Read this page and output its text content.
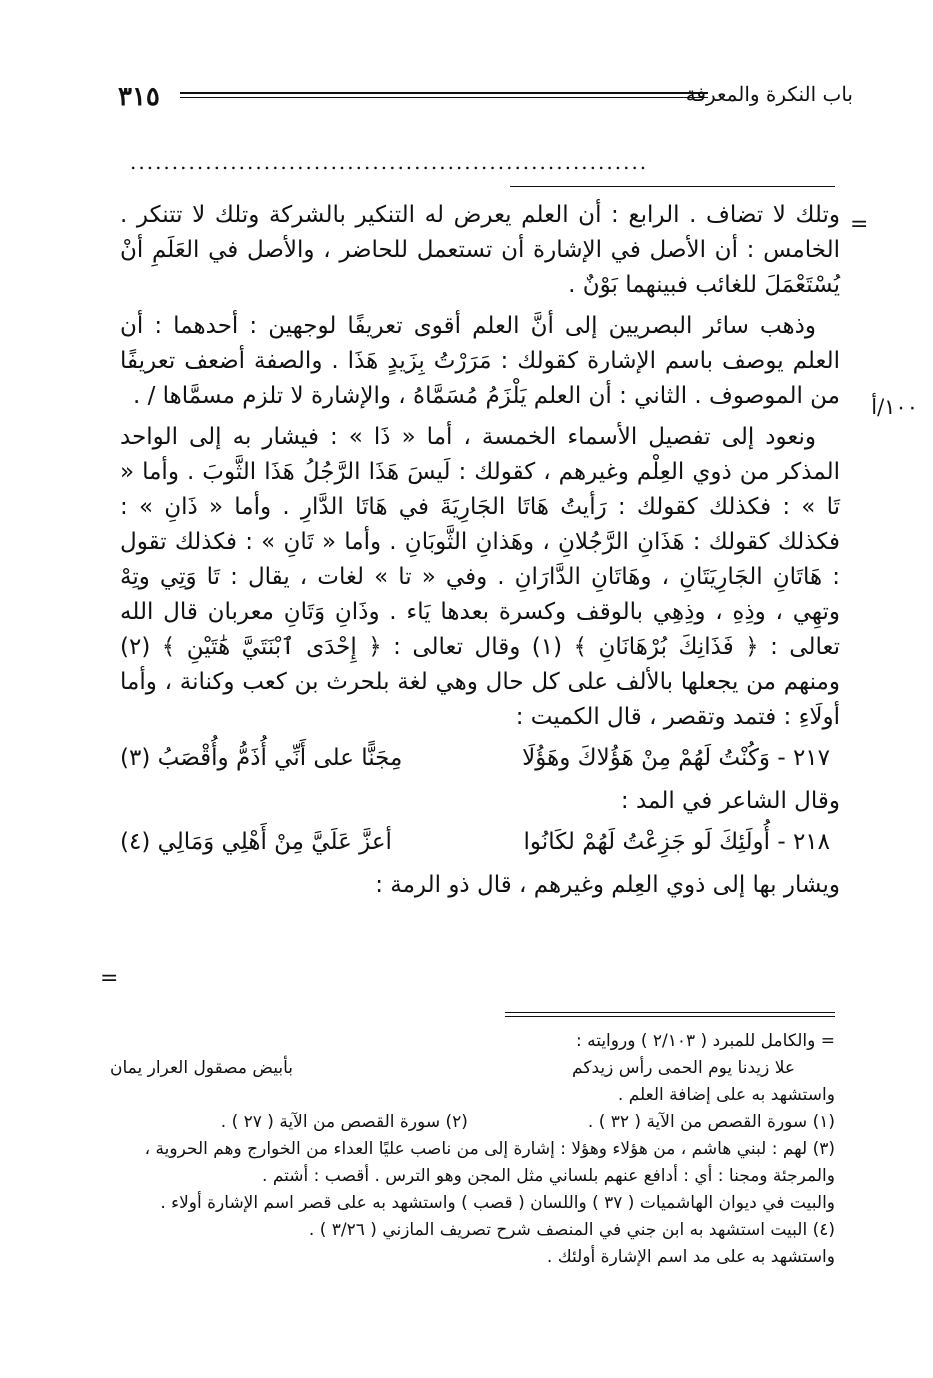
٣١٥	باب النكرة والمعرفة
..............................................................
=
١٠٠/أ

وتلك لا تضاف . الرابع : أن العلم يعرض له التنكير بالشركة وتلك لا تتنكر . الخامس : أن الأصل في الإشارة أن تستعمل للحاضر ، والأصل في العَلَمِ أنْ يُسْتَعْمَلَ للغائب فبينهما بَوْنٌ .

وذهب سائر البصريين إلى أنَّ العلم أقوى تعريفًا لوجهين : أحدهما : أن العلم يوصف باسم الإشارة كقولك : مَرَرْتُ بِزَيدٍ هَذَا . والصفة أضعف تعريفًا من الموصوف . الثاني : أن العلم يَلْزَمُ مُسَمَّاهُ ، والإشارة لا تلزم مسمَّاها / .

ونعود إلى تفصيل الأسماء الخمسة ، أما « ذَا » : فيشار به إلى الواحد المذكر من ذوي العِلْم وغيرهم ، كقولك : لَيسَ هَذَا الرَّجُلُ هَذَا الثَّوبَ . وأما « تَا » : فكذلك كقولك : رَأيتُ هَاتَا الجَارِيَةَ في هَاتَا الدَّارِ . وأما « ذَانِ » : فكذلك كقولك : هَذَانِ الرَّجُلانِ ، وهَذانِ الثَّوبَانِ . وأما « تَانِ » : فكذلك تقول : هَاتَانِ الجَارِيَتَانِ ، وهَاتَانِ الدَّارَانِ . وفي « تا » لغات ، يقال : تَا وَتِي وتِهْ وتهِي ، وذِهِ ، وذِهِي بالوقف وكسرة بعدها يَاء . وذَانِ وَتَانِ معربان قال الله تعالى : ﴿ فَذَانِكَ بُرْهَانَانِ ﴾ (١) وقال تعالى : ﴿ إِحْدَى ٱبْنَتَيَّ هَٰتَيْنِ ﴾ (٢) ومنهم من يجعلها بالألف على كل حال وهي لغة بلحرث بن كعب وكنانة ، وأما أولَاءِ : فتمد وتقصر ، قال الكميت :

٢١٧ - وَكُنْتُ لَهُمْ مِنْ هَؤُلاكَ وهَؤُلَا
مِجَنًّا على أَنِّي أُذَمُّ وأُقْصَبُ (٣)

وقال الشاعر في المد :

٢١٨ - أُولَئِكَ لَو جَزِعْتُ لَهُمْ لكَانُوا
أعزَّ عَلَيَّ مِنْ أَهْلِي وَمَالِي (٤)

ويشار بها إلى ذوي العِلم وغيرهم ، قال ذو الرمة :

=
= والكامل للمبرد ( ٢/١٠٣ ) وروايته :
علا زيدنا يوم الحمى رأس زيدكم
بأبيض مصقول العرار يمان
واستشهد به على إضافة العلم .
(١) سورة القصص من الآية ( ٣٢ ) .
(٢) سورة القصص من الآية ( ٢٧ ) .
(٣) لهم : لبني هاشم ، من هؤلاء وهؤلا : إشارة إلى من ناصب عليًا العداء من الخوارج وهم الحروية ،
والمرجئة ومجنا : أي : أدافع عنهم بلساني مثل المجن وهو الترس . أقصب : أشتم .
والبيت في ديوان الهاشميات ( ٣٧ ) واللسان ( قصب ) واستشهد به على قصر اسم الإشارة أولاء .
(٤) البيت استشهد به ابن جني في المنصف شرح تصريف المازني ( ٣/٢٦ ) .
واستشهد به على مد اسم الإشارة أولئك .
